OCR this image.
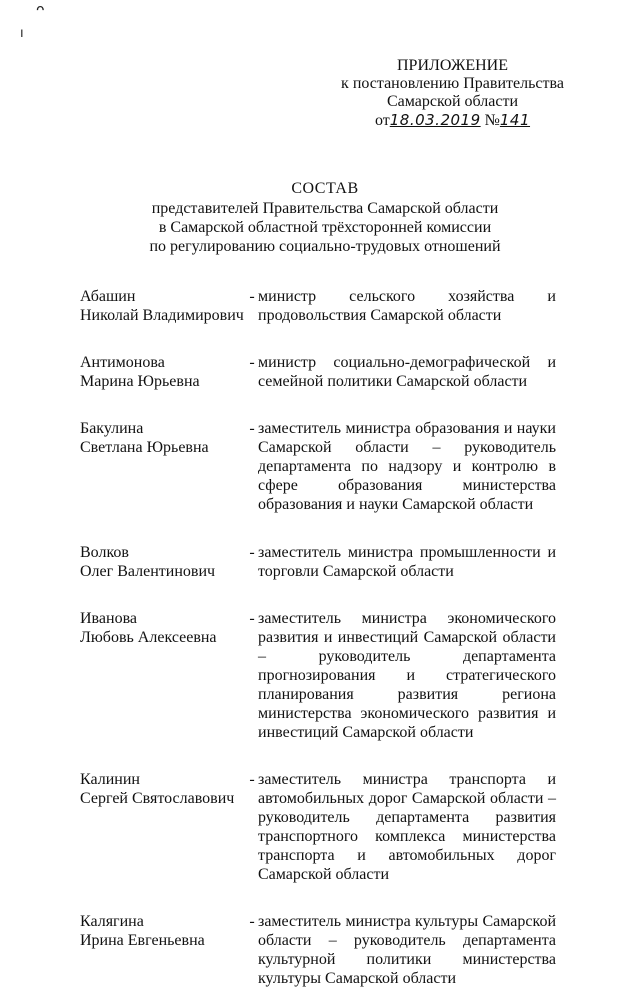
ᴖ
ı
ПРИЛОЖЕНИЕ
к постановлению Правительства
Самарской области
от18.03.2019 №141
СОСТАВ
представителей Правительства Самарской области
в Самарской областной трёхсторонней комиссии
по регулированию социально-трудовых отношений
Абашин
Николай Владимирович
- министр сельского хозяйства и продовольствия Самарской области
Антимонова
Марина Юрьевна
- министр социально-демографической и семейной политики Самарской области
Бакулина
Светлана Юрьевна
- заместитель министра образования и науки Самарской области – руководитель департамента по надзору и контролю в сфере образования министерства образования и науки Самарской области
Волков
Олег Валентинович
- заместитель министра промышленности и торговли Самарской области
Иванова
Любовь Алексеевна
- заместитель министра экономического развития и инвестиций Самарской области – руководитель департамента прогнозирования и стратегического планирования развития региона министерства экономического развития и инвестиций Самарской области
Калинин
Сергей Святославович
- заместитель министра транспорта и автомобильных дорог Самарской области – руководитель департамента развития транспортного комплекса министерства транспорта и автомобильных дорог Самарской области
Калягина
Ирина Евгеньевна
- заместитель министра культуры Самарской области – руководитель департамента культурной политики министерства культуры Самарской области
